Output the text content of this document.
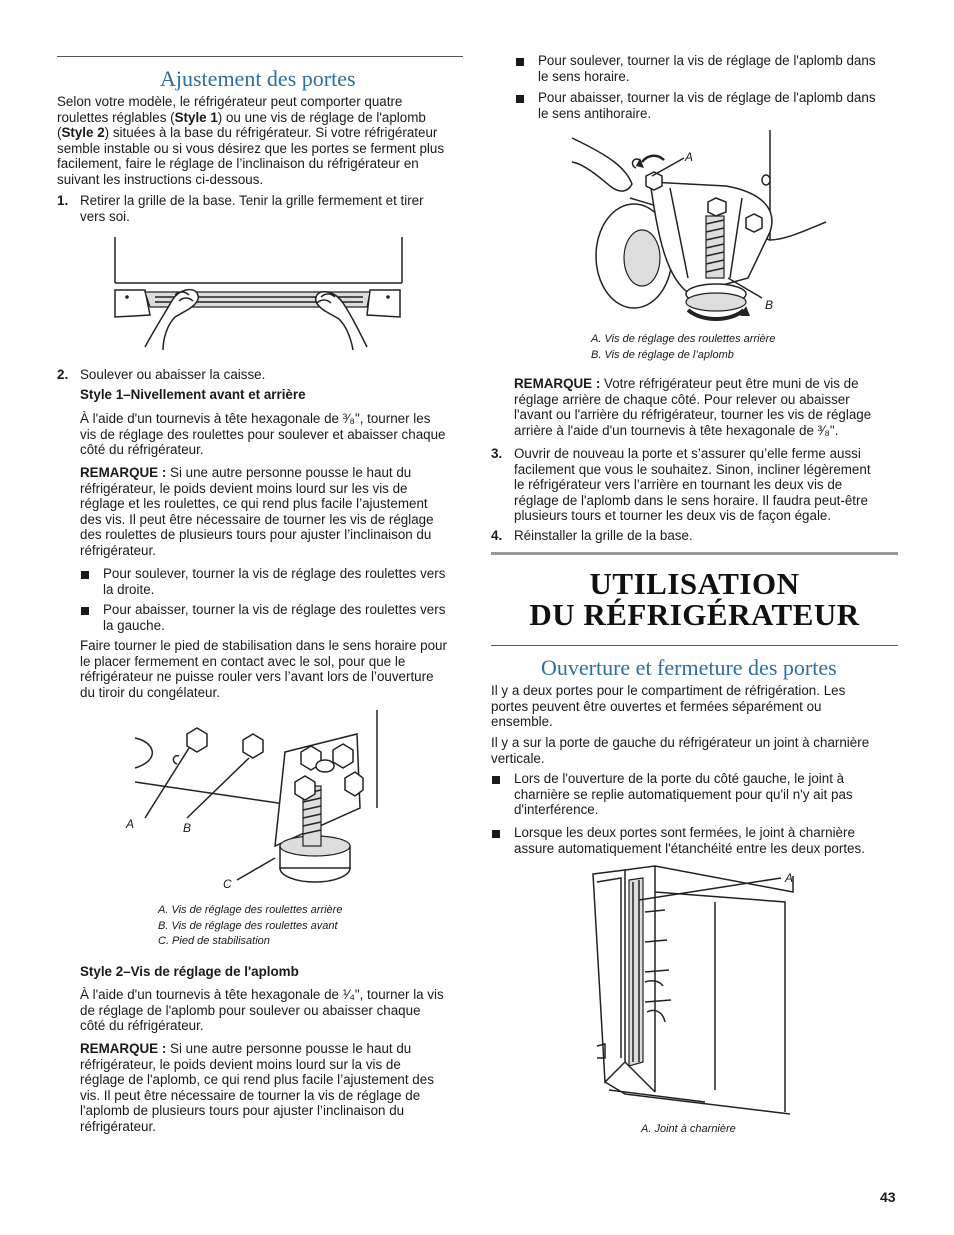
Ajustement des portes
Selon votre modèle, le réfrigérateur peut comporter quatre
roulettes réglables (Style 1) ou une vis de réglage de l'aplomb
(Style 2) situées à la base du réfrigérateur. Si votre réfrigérateur
semble instable ou si vous désirez que les portes se ferment plus
facilement, faire le réglage de l’inclinaison du réfrigérateur en
suivant les instructions ci-dessous.
1. Retirer la grille de la base. Tenir la grille fermement et tirer
vers soi.
2. Soulever ou abaisser la caisse.
Style 1–Nivellement avant et arrière
À l'aide d'un tournevis à tête hexagonale de ³⁄₈", tourner les
vis de réglage des roulettes pour soulever et abaisser chaque
côté du réfrigérateur.
REMARQUE : Si une autre personne pousse le haut du
réfrigérateur, le poids devient moins lourd sur les vis de
réglage et les roulettes, ce qui rend plus facile l’ajustement
des vis. Il peut être nécessaire de tourner les vis de réglage
des roulettes de plusieurs tours pour ajuster l’inclinaison du
réfrigérateur.
Pour soulever, tourner la vis de réglage des roulettes vers
la droite.
Pour abaisser, tourner la vis de réglage des roulettes vers
la gauche.
Faire tourner le pied de stabilisation dans le sens horaire pour
le placer fermement en contact avec le sol, pour que le
réfrigérateur ne puisse rouler vers l’avant lors de l’ouverture
du tiroir du congélateur.
A	B
C
A. Vis de réglage des roulettes arrière
B. Vis de réglage des roulettes avant
C. Pied de stabilisation
Style 2–Vis de réglage de l'aplomb
À l'aide d'un tournevis à tête hexagonale de ¹⁄₄", tourner la vis
de réglage de l'aplomb pour soulever ou abaisser chaque
côté du réfrigérateur.
REMARQUE : Si une autre personne pousse le haut du
réfrigérateur, le poids devient moins lourd sur la vis de
réglage de l'aplomb, ce qui rend plus facile l’ajustement des
vis. Il peut être nécessaire de tourner la vis de réglage de
l'aplomb de plusieurs tours pour ajuster l’inclinaison du
réfrigérateur.
Pour soulever, tourner la vis de réglage de l'aplomb dans
le sens horaire.
Pour abaisser, tourner la vis de réglage de l'aplomb dans
le sens antihoraire.
A
B
A. Vis de réglage des roulettes arrière
B. Vis de réglage de l’aplomb
REMARQUE : Votre réfrigérateur peut être muni de vis de
réglage arrière de chaque côté. Pour relever ou abaisser
l'avant ou l'arrière du réfrigérateur, tourner les vis de réglage
arrière à l'aide d'un tournevis à tête hexagonale de ³⁄₈".
3. Ouvrir de nouveau la porte et s’assurer qu’elle ferme aussi
facilement que vous le souhaitez. Sinon, incliner légèrement
le réfrigérateur vers l’arrière en tournant les deux vis de
réglage de l'aplomb dans le sens horaire. Il faudra peut-être
plusieurs tours et tourner les deux vis de façon égale.
4. Réinstaller la grille de la base.
UTILISATION
DU RÉFRIGÉRATEUR
Ouverture et fermeture des portes
Il y a deux portes pour le compartiment de réfrigération. Les
portes peuvent être ouvertes et fermées séparément ou
ensemble.
Il y a sur la porte de gauche du réfrigérateur un joint à charnière
verticale.
Lors de l'ouverture de la porte du côté gauche, le joint à
charnière se replie automatiquement pour qu'il n'y ait pas
d'interférence.
Lorsque les deux portes sont fermées, le joint à charnière
assure automatiquement l'étanchéité entre les deux portes.
A
A. Joint à charnière
43
